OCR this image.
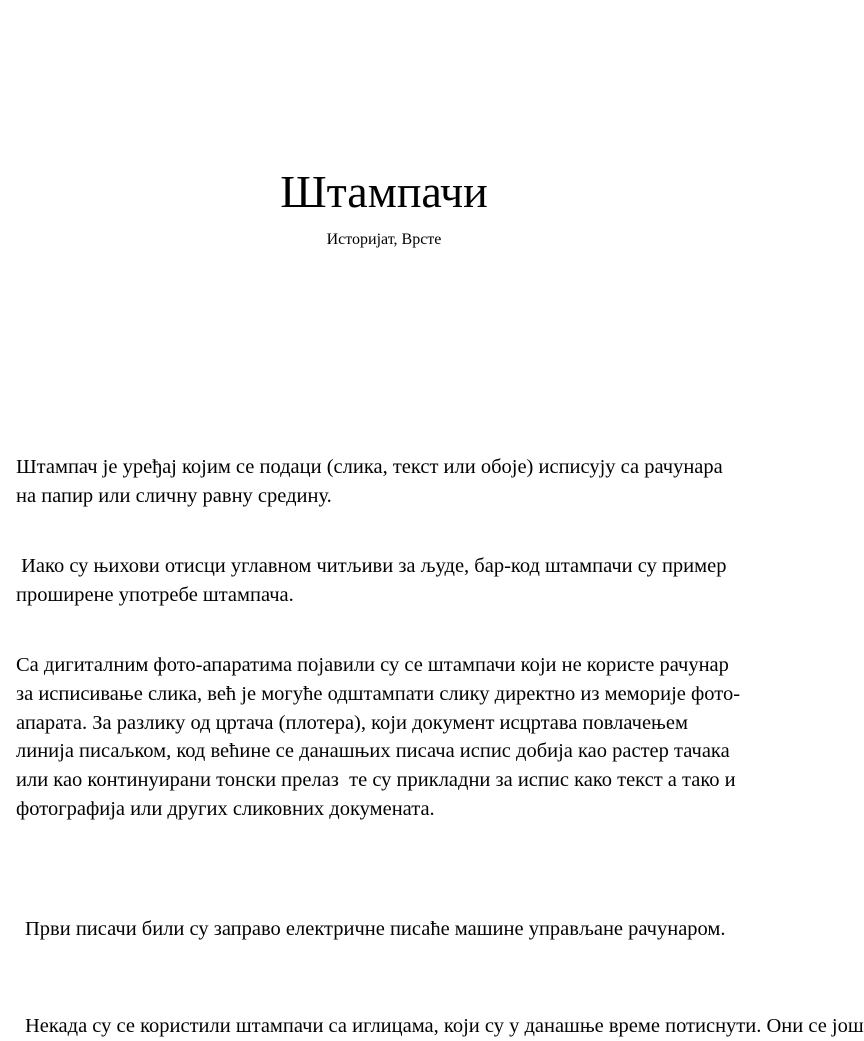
Штампачи

Историјат, Врсте

Штампач је уређај којим се подаци (слика, текст или обоје) исписују са рачунара на папир или сличну равну средину.

Иако су њихови отисци углавном читљиви за људе, бар-код штампачи су пример проширене употребе штампача.

Са дигиталним фото-апаратима појавили су се штампачи који не користе рачунар за исписивање слика, већ је могуће одштампати слику директно из меморије фото-апарата. За разлику од цртача (плотера), који документ исцртава повлачењем линија писаљком, код већине се данашњих писача испис добија као растер тачака или као континуирани тонски прелаз  те су прикладни за испис како текст а тако и фотографија или других сликовних докумената.

Први писачи били су заправо електричне писаће машине управљане рачунаром.

Некада су се користили штампачи са иглицама, који су у данашње време потиснути. Они се још
